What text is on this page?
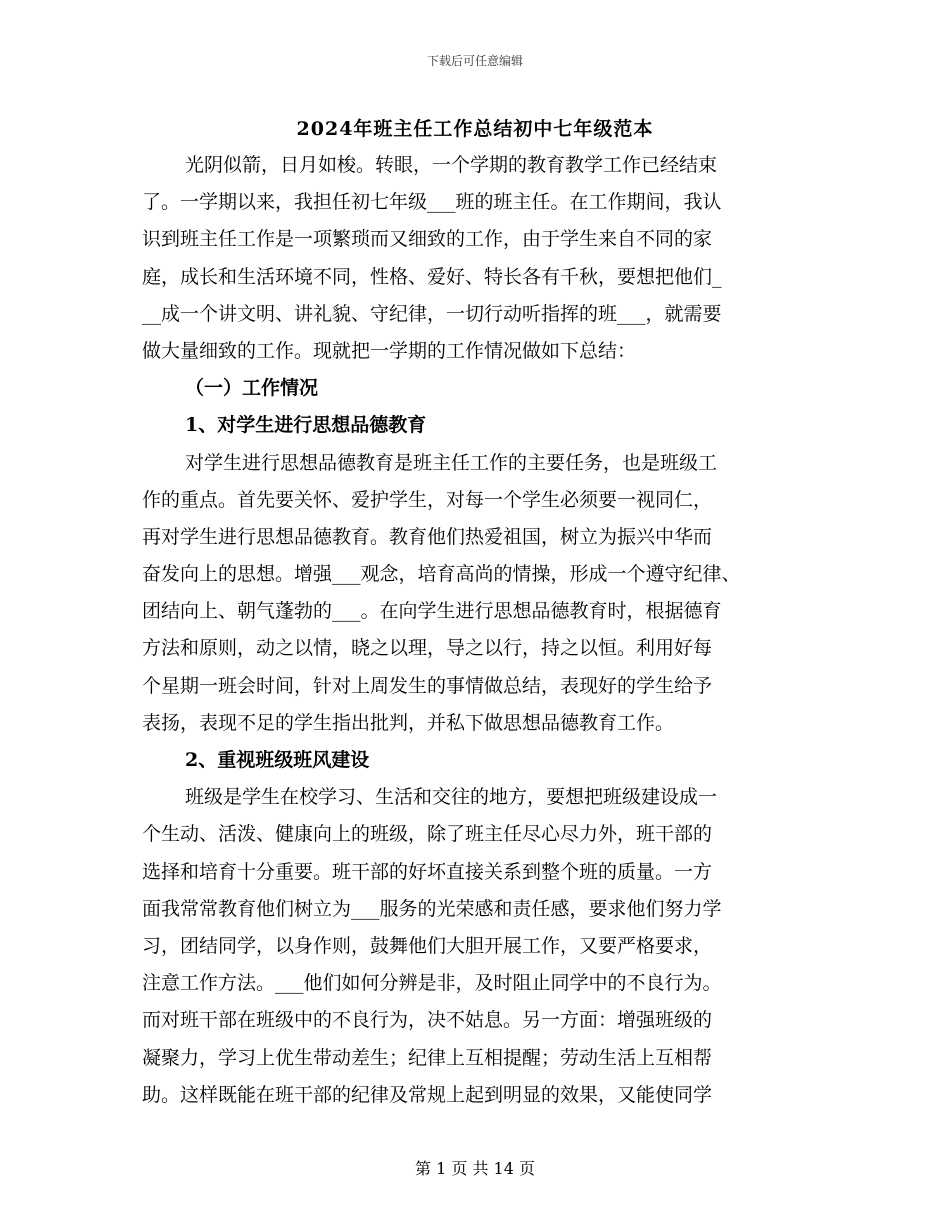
下载后可任意编辑
2024年班主任工作总结初中七年级范本
光阴似箭，日月如梭。转眼，一个学期的教育教学工作已经结束
了。一学期以来，我担任初七年级___班的班主任。在工作期间，我认
识到班主任工作是一项繁琐而又细致的工作，由于学生来自不同的家
庭，成长和生活环境不同，性格、爱好、特长各有千秋，要想把他们_
__成一个讲文明、讲礼貌、守纪律，一切行动听指挥的班___，就需要
做大量细致的工作。现就把一学期的工作情况做如下总结：
（一）工作情况
1、对学生进行思想品德教育
对学生进行思想品德教育是班主任工作的主要任务，也是班级工
作的重点。首先要关怀、爱护学生，对每一个学生必须要一视同仁，
再对学生进行思想品德教育。教育他们热爱祖国，树立为振兴中华而
奋发向上的思想。增强___观念，培育高尚的情操，形成一个遵守纪律、
团结向上、朝气蓬勃的___。在向学生进行思想品德教育时，根据德育
方法和原则，动之以情，晓之以理，导之以行，持之以恒。利用好每
个星期一班会时间，针对上周发生的事情做总结，表现好的学生给予
表扬，表现不足的学生指出批判，并私下做思想品德教育工作。
2、重视班级班风建设
班级是学生在校学习、生活和交往的地方，要想把班级建设成一
个生动、活泼、健康向上的班级，除了班主任尽心尽力外，班干部的
选择和培育十分重要。班干部的好坏直接关系到整个班的质量。一方
面我常常教育他们树立为___服务的光荣感和责任感，要求他们努力学
习，团结同学，以身作则，鼓舞他们大胆开展工作，又要严格要求，
注意工作方法。___他们如何分辨是非，及时阻止同学中的不良行为。
而对班干部在班级中的不良行为，决不姑息。另一方面：增强班级的
凝聚力，学习上优生带动差生；纪律上互相提醒；劳动生活上互相帮
助。这样既能在班干部的纪律及常规上起到明显的效果，又能使同学
第 1 页 共 14 页
